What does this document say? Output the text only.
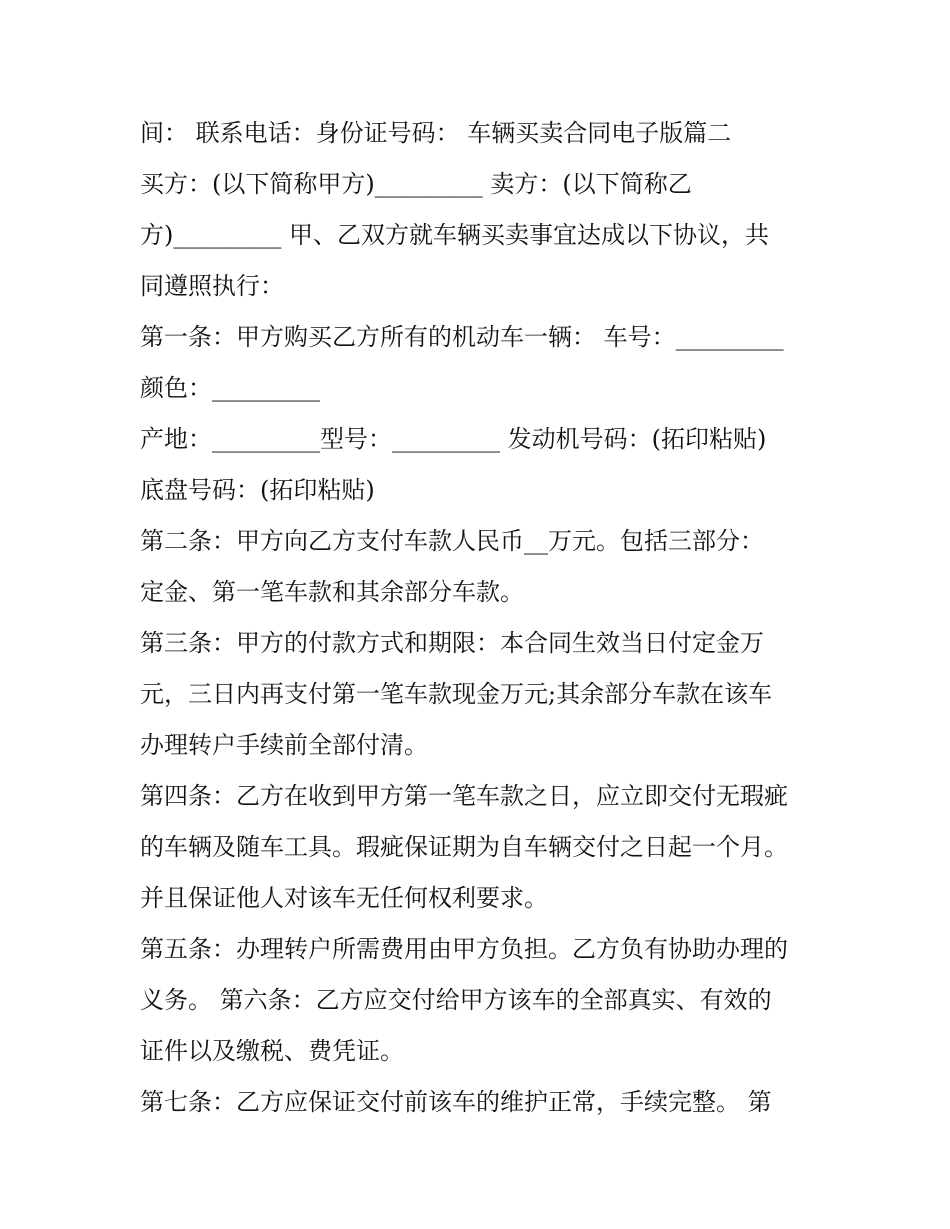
间： 联系电话：身份证号码： 车辆买卖合同电子版篇二
买方：(以下简称甲方)_________ 卖方：(以下简称乙
方)_________ 甲、乙双方就车辆买卖事宜达成以下协议，共
同遵照执行：
第一条：甲方购买乙方所有的机动车一辆： 车号：_________
颜色：_________
产地：_________型号：_________ 发动机号码：(拓印粘贴)
底盘号码：(拓印粘贴)
第二条：甲方向乙方支付车款人民币__万元。包括三部分：
定金、第一笔车款和其余部分车款。
第三条：甲方的付款方式和期限：本合同生效当日付定金万
元，三日内再支付第一笔车款现金万元;其余部分车款在该车
办理转户手续前全部付清。
第四条：乙方在收到甲方第一笔车款之日，应立即交付无瑕疵
的车辆及随车工具。瑕疵保证期为自车辆交付之日起一个月。
并且保证他人对该车无任何权利要求。
第五条：办理转户所需费用由甲方负担。乙方负有协助办理的
义务。 第六条：乙方应交付给甲方该车的全部真实、有效的
证件以及缴税、费凭证。
第七条：乙方应保证交付前该车的维护正常，手续完整。 第
